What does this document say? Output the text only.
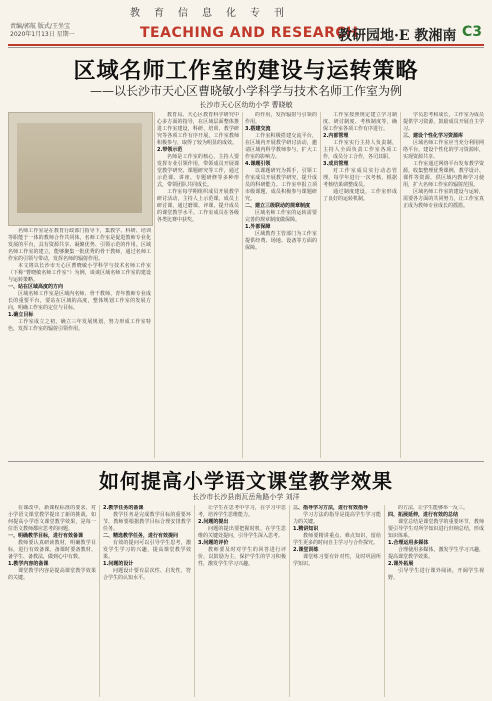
教育信息化专刊
责编/郭航 版式/王坐宝
2020年1月13日 星期一	TEACHING AND RESEARCH
教研园地·E 教湘南 C3
区域名师工作室的建设与运转策略
——以长沙市天心区曹晓敏小学科学与技术名师工作室为例
长沙市天心区幼幼小学 曹晓敏

名师工作室是在教育行政部门指导下，集教学、科研、培训等职能于一体的教师合作共同体，名师工作室是促进教师专业化发展的平台，具有资源共享、凝聚优势、引领示范的作用。区域名师工作室的建立，能够聚集一批优秀的骨干教师，通过名师工作室的引领与带动，发挥名师的辐射作用。

本文将以长沙市天心区曹晓敏小学科学与技术名师工作室（下称“曹晓敏名师工作室”）为例，谈谈区域名师工作室的建设与运转策略。

一、站在区域高度的方向

区域名师工作室是区域内名师、骨干教师、青年教师专业成长的重要平台，要站在区域的高度，整体规划工作室的发展方向，明确工作室的定位与目标。

1.确立目标

工作室成立之初，确立三年发展规划，努力形成工作室特色，发挥工作室的辐射引领作用。

教育局、天心区教育科学研究中心多方面的指导，在区域层面整体推进工作室建设，科研、培训、教学研究等各项工作有序开展，工作室教师积极参与，取得了较为明显的成效。

2.带领示范

名师是工作室的核心，主持人要发挥专业引领作用，带领成员开展课堂教学研究、课题研究等工作，通过示范课、讲座、专题研修等多种形式，带领团队共同成长。

工作室每学期组织成员开展教学研讨活动，主持人上示范课，成员上研讨课，通过磨课、评课，提升成员的课堂教学水平。工作室成员在各级各类比赛中获奖。

的作用，发挥辐射与引领的作用。

3.搭建交流

工作室积极搭建交流平台，在区域内开展教学研讨活动，邀请区域内科学教师参与，扩大工作室的影响力。

4.课题引领

以课题研究为抓手，引领工作室成员开展教学研究，提升成员的科研能力。工作室申报立项市级课题，成员积极参与课题研究。

二、建立三级联动的规章制度

区域名师工作室的运转需要完善的规章制度做保障。

1.外部保障

区域教育主管部门为工作室提供经费、场地、设备等方面的保障。

工作室按照规定建立学习制度、研讨制度、考核制度等，确保工作室各项工作有序进行。

2.内部管理

工作室实行主持人负责制，主持人全面负责工作室各项工作，成员分工合作，各司其职。

3.成员管理

对工作室成员实行动态管理，每学年进行一次考核，根据考核结果调整成员。

通过制度建设，工作室形成了良好的运转机制。

学员思考和成长，工作室为成员提供学习资源，鼓励成员开展自主学习。

三、建设个性化学习资源库

区域名师工作室应当充分利用网络平台，建设个性化的学习资源库，实现资源共享。

工作室通过网络平台发布教学资源，收集整理优秀课例、教学设计、课件等资源，供区域内教师学习使用，扩大名师工作室的辐射范围。

区域名师工作室的建设与运转，需要各方面的共同努力，让工作室真正成为教师专业成长的摇篮。

如何提高小学语文课堂教学效果
长沙市长沙县南瓦岳角路小学 刘洋

在课改中，新课程标准的要求，对小学语文课堂教学提出了新的挑战，如何提高小学语文课堂教学效果，是每一位语文教师都应思考的问题。

一、明确教学目标，进行有效备课

教师要认真研读教材，明确教学目标，进行有效备课。备课时要备教材、备学生、备教法，做到心中有数。

1.教学内容的备课

课堂教学内容是提高课堂教学效果的关键。

2.教学任务的备课

教学任务是完成教学目标的重要环节，教师要根据教学目标合理安排教学任务。

二、精选教学任务，进行有效提问

有效的提问可以引导学生思考，激发学生学习的兴趣，提高课堂教学效果。

1.问题的设计

问题设计要有层次性、启发性，符合学生的认知水平。

让学生在思考中学习，在学习中思考，培养学生思维能力。

2.问题的提出

问题的提出要把握时机，在学生思维的关键处提问，引导学生深入思考。

3.问题的评价

教师要及时对学生的回答进行评价，以鼓励为主，保护学生的学习积极性，激发学生学习兴趣。

三、指导学习方法，进行有效指导

学习方法的指导是提高学生学习能力的关键。

1.精讲知识

教师要精讲重点、难点知识，留给学生更多的时间自主学习与合作探究。

2.课堂训练

课堂练习要有针对性，及时巩固所学知识。

的方法，让学生能够举一反三。

四、拓展延伸，进行有效的总结

课堂总结是课堂教学的重要环节，教师要引导学生对所学知识进行归纳总结，形成知识体系。

1.合理运用多媒体

合理使用多媒体，激发学生学习兴趣，提高课堂教学效果。

2.课外拓展

引导学生进行课外阅读，开阔学生视野。
